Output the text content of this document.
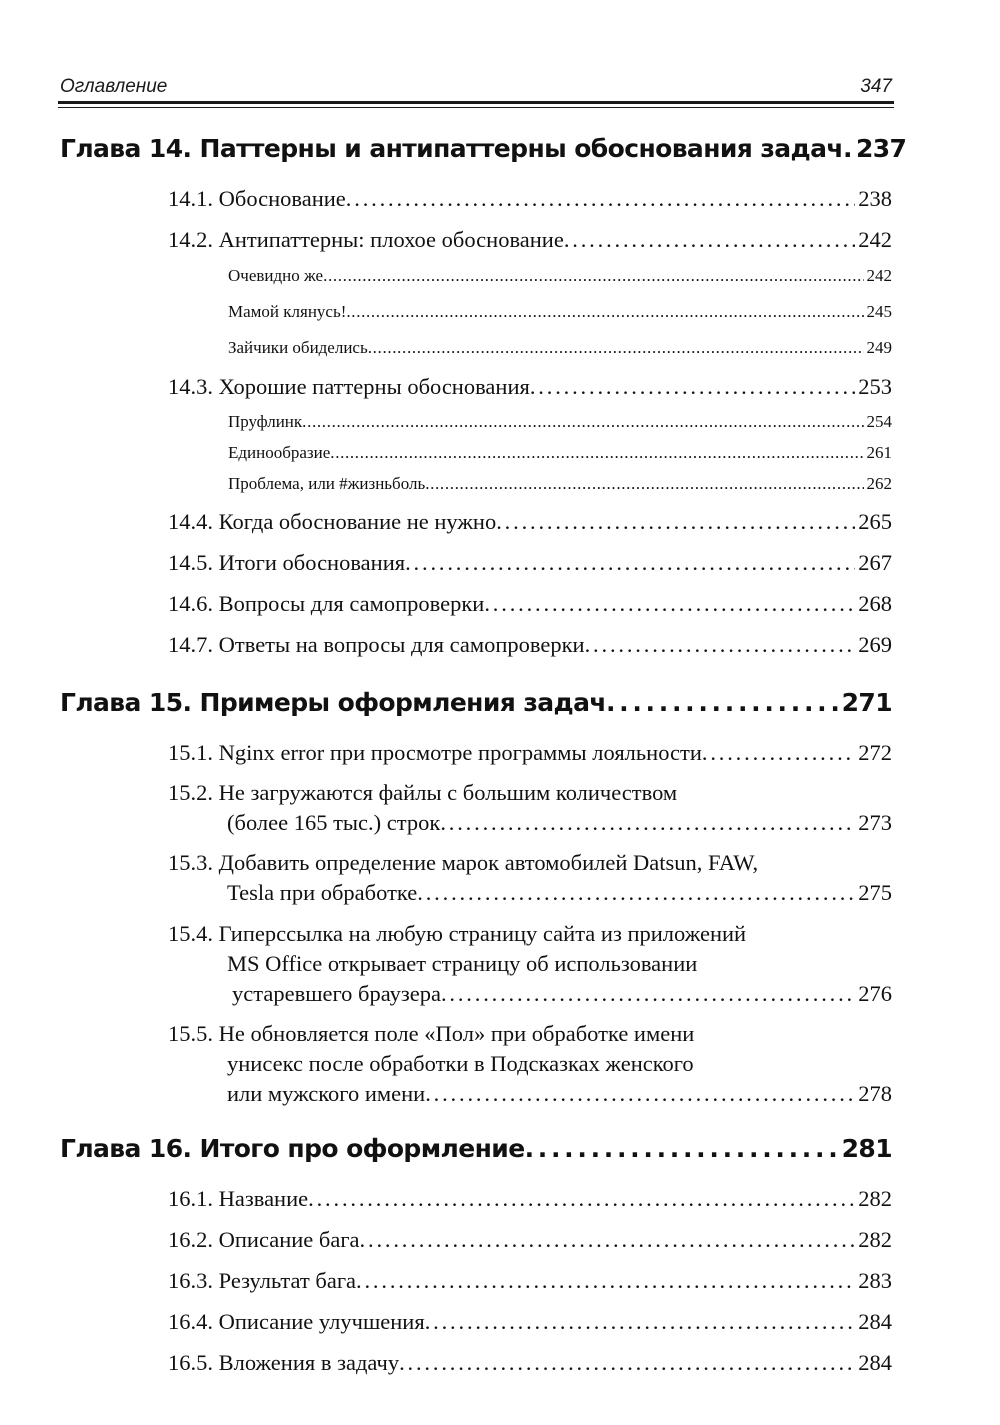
Оглавление	347
Глава 14. Паттерны и антипаттерны обоснования задач . . . 237
14.1. Обоснование . . .	238
14.2. Антипаттерны: плохое обоснование . . .	242
Очевидно же . . .	242
Мамой клянусь! . . .	245
Зайчики обиделись . . .	249
14.3. Хорошие паттерны обоснования . . .	253
Пруфлинк . . .	254
Единообразие . . .	261
Проблема, или #жизньболь . . .	262
14.4. Когда обоснование не нужно . . .	265
14.5. Итоги обоснования . . .	267
14.6. Вопросы для самопроверки . . .	268
14.7. Ответы на вопросы для самопроверки . . .	269
Глава 15. Примеры оформления задач . . .	271
15.1. Nginx error при просмотре программы лояльности . . .	272
15.2. Не загружаются файлы с большим количеством
(более 165 тыс.) строк . . .	273
15.3. Добавить определение марок автомобилей Datsun, FAW,
Tesla при обработке . . .	275
15.4. Гиперссылка на любую страницу сайта из приложений
MS Office открывает страницу об использовании
устаревшего браузера . . .	276
15.5. Не обновляется поле «Пол» при обработке имени
унисекс после обработки в Подсказках женского
или мужского имени . . .	278
Глава 16. Итого про оформление . . .	281
16.1. Название . . .	282
16.2. Описание бага . . .	282
16.3. Результат бага . . .	283
16.4. Описание улучшения . . .	284
16.5. Вложения в задачу . . .	284
